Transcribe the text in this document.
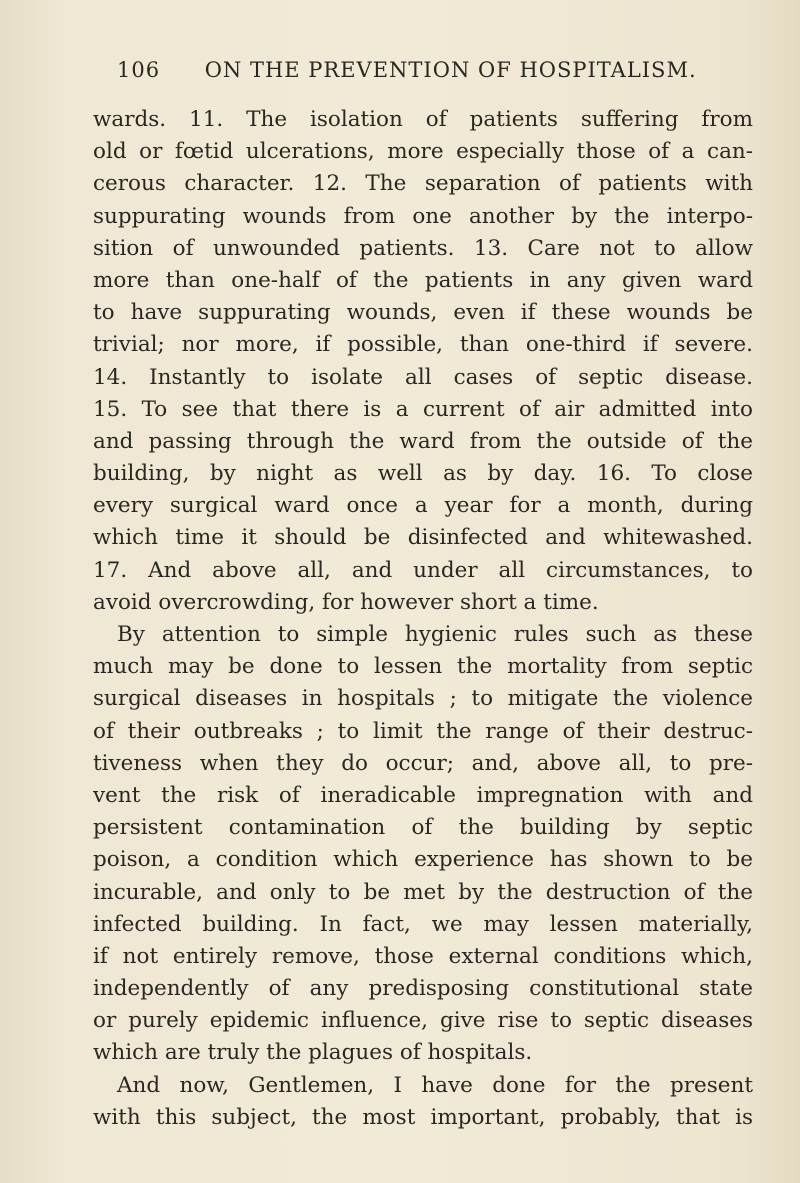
106 ON THE PREVENTION OF HOSPITALISM.
wards. 11. The isolation of patients suffering from
old or fœtid ulcerations, more especially those of a can-
cerous character. 12. The separation of patients with
suppurating wounds from one another by the interpo-
sition of unwounded patients. 13. Care not to allow
more than one-half of the patients in any given ward
to have suppurating wounds, even if these wounds be
trivial; nor more, if possible, than one-third if severe.
14. Instantly to isolate all cases of septic disease.
15. To see that there is a current of air admitted into
and passing through the ward from the outside of the
building, by night as well as by day. 16. To close
every surgical ward once a year for a month, during
which time it should be disinfected and whitewashed.
17. And above all, and under all circumstances, to
avoid overcrowding, for however short a time.
By attention to simple hygienic rules such as these
much may be done to lessen the mortality from septic
surgical diseases in hospitals ; to mitigate the violence
of their outbreaks ; to limit the range of their destruc-
tiveness when they do occur; and, above all, to pre-
vent the risk of ineradicable impregnation with and
persistent contamination of the building by septic
poison, a condition which experience has shown to be
incurable, and only to be met by the destruction of the
infected building. In fact, we may lessen materially,
if not entirely remove, those external conditions which,
independently of any predisposing constitutional state
or purely epidemic influence, give rise to septic diseases
which are truly the plagues of hospitals.
And now, Gentlemen, I have done for the present
with this subject, the most important, probably, that is
